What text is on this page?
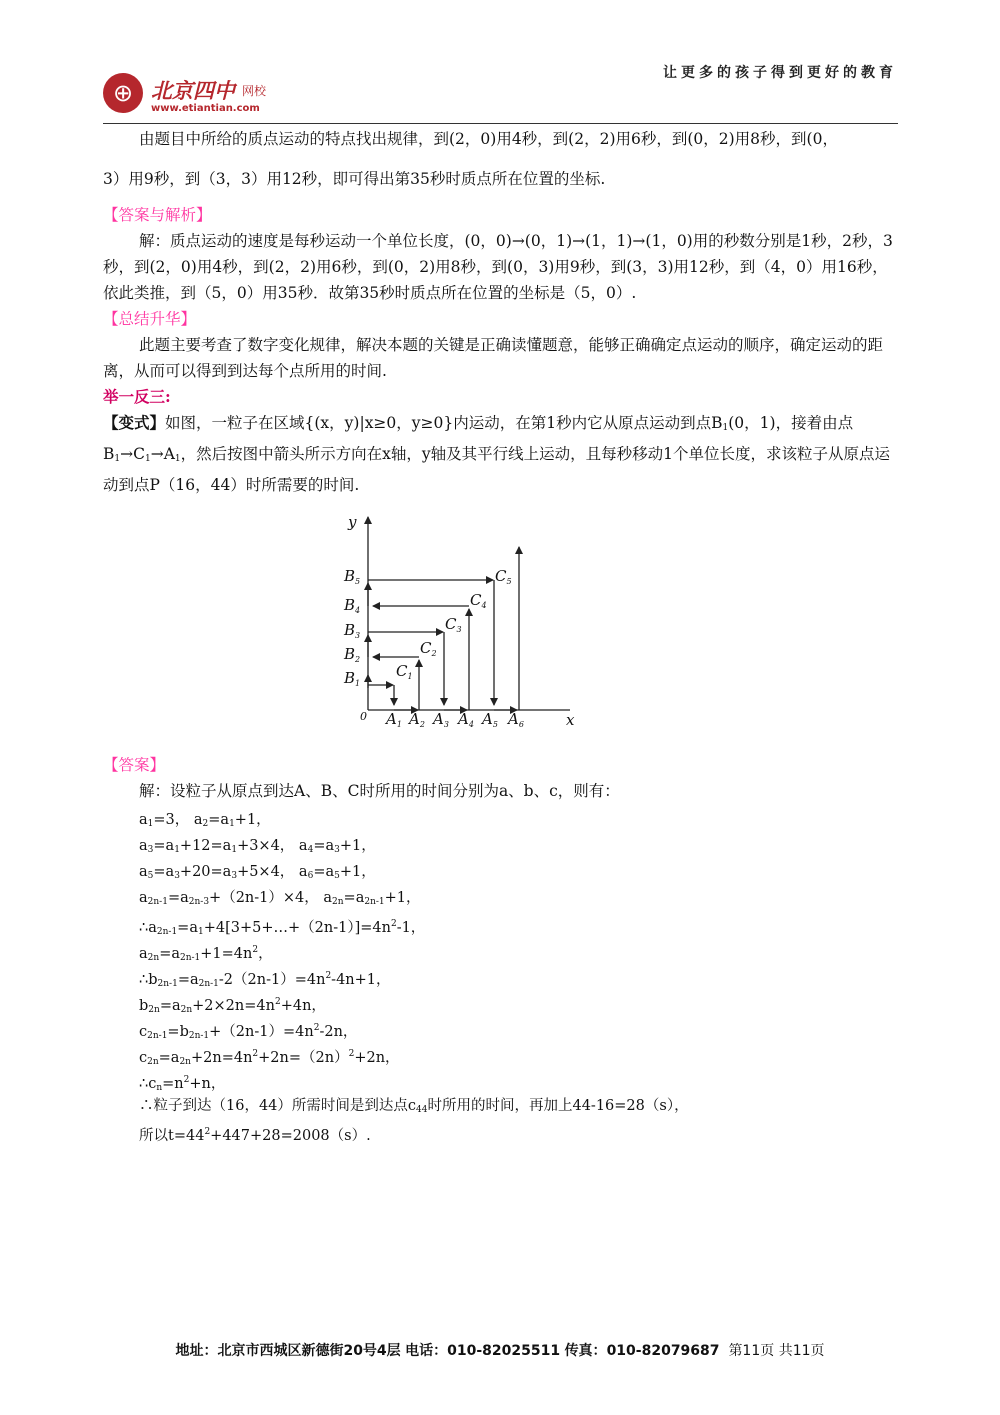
让更多的孩子得到更好的教育
⊕ 北京四中 网校
www.etiantian.com
由题目中所给的质点运动的特点找出规律，到(2，0)用4秒，到(2，2)用6秒，到(0，2)用8秒，到(0，
3）用9秒，到（3，3）用12秒，即可得出第35秒时质点所在位置的坐标.
【答案与解析】
解：质点运动的速度是每秒运动一个单位长度，(0，0)→(0，1)→(1，1)→(1，0)用的秒数分别是1秒，2秒，3秒，到(2，0)用4秒，到(2，2)用6秒，到(0，2)用8秒，到(0，3)用9秒，到(3，3)用12秒，到（4，0）用16秒，依此类推，到（5，0）用35秒．故第35秒时质点所在位置的坐标是（5，0）.
【总结升华】
此题主要考查了数字变化规律，解决本题的关键是正确读懂题意，能够正确确定点运动的顺序，确定运动的距离，从而可以得到到达每个点所用的时间.
举一反三:
【变式】如图，一粒子在区域{(x，y)|x≥0，y≥0}内运动，在第1秒内它从原点运动到点$B_1(0$，1)，接着由点$B_1\to C_1\to A_1$，然后按图中箭头所示方向在x轴，y轴及其平行线上运动，且每秒移动1个单位长度，求该粒子从原点运动到点P（16，44）时所需要的时间.
y
x
0
$B_1$
$B_2$
$B_3$
$B_4$
$B_5$
$C_1$
$C_2$
$C_3$
$C_4$
$C_5$
$A_1$ $A_2$ $A_3$ $A_4$ $A_5$ $A_6$
【答案】
解：设粒子从原点到达A、B、C时所用的时间分别为a、b、c，则有：
$a_1=3$， $a_2=a_1+1$，
$a_3=a_1+12=a_1+3\times 4$， $a_4=a_3+1$，
$a_5=a_3+20=a_3+5\times 4$， $a_6=a_5+1$，
$a_{2n-1}=a_{2n-3}+(2n-1)\times 4$， $a_{2n}=a_{2n-1}+1$，
$\therefore a_{2n-1}=a_1+4[3+5+\dots+(2n-1)]=4n^2-1$，
$a_{2n}=a_{2n-1}+1=4n^2$，
$\therefore b_{2n-1}=a_{2n-1}-2(2n-1)=4n^2-4n+1$，
$b_{2n}=a_{2n}+2\times 2n=4n^2+4n$，
$c_{2n-1}=b_{2n-1}+(2n-1)=4n^2-2n$，
$c_{2n}=a_{2n}+2n=4n^2+2n=(2n)^2+2n$，
$\therefore c_n=n^2+n$，
∴粒子到达（16，44）所需时间是到达点$c_{44}$时所用的时间，再加上44-16=28（s），
所以$t=44^2+447+28=2008(s)$.
地址：北京市西城区新德街20号4层 电话：010-82025511 传真：010-82079687 第11页 共11页
